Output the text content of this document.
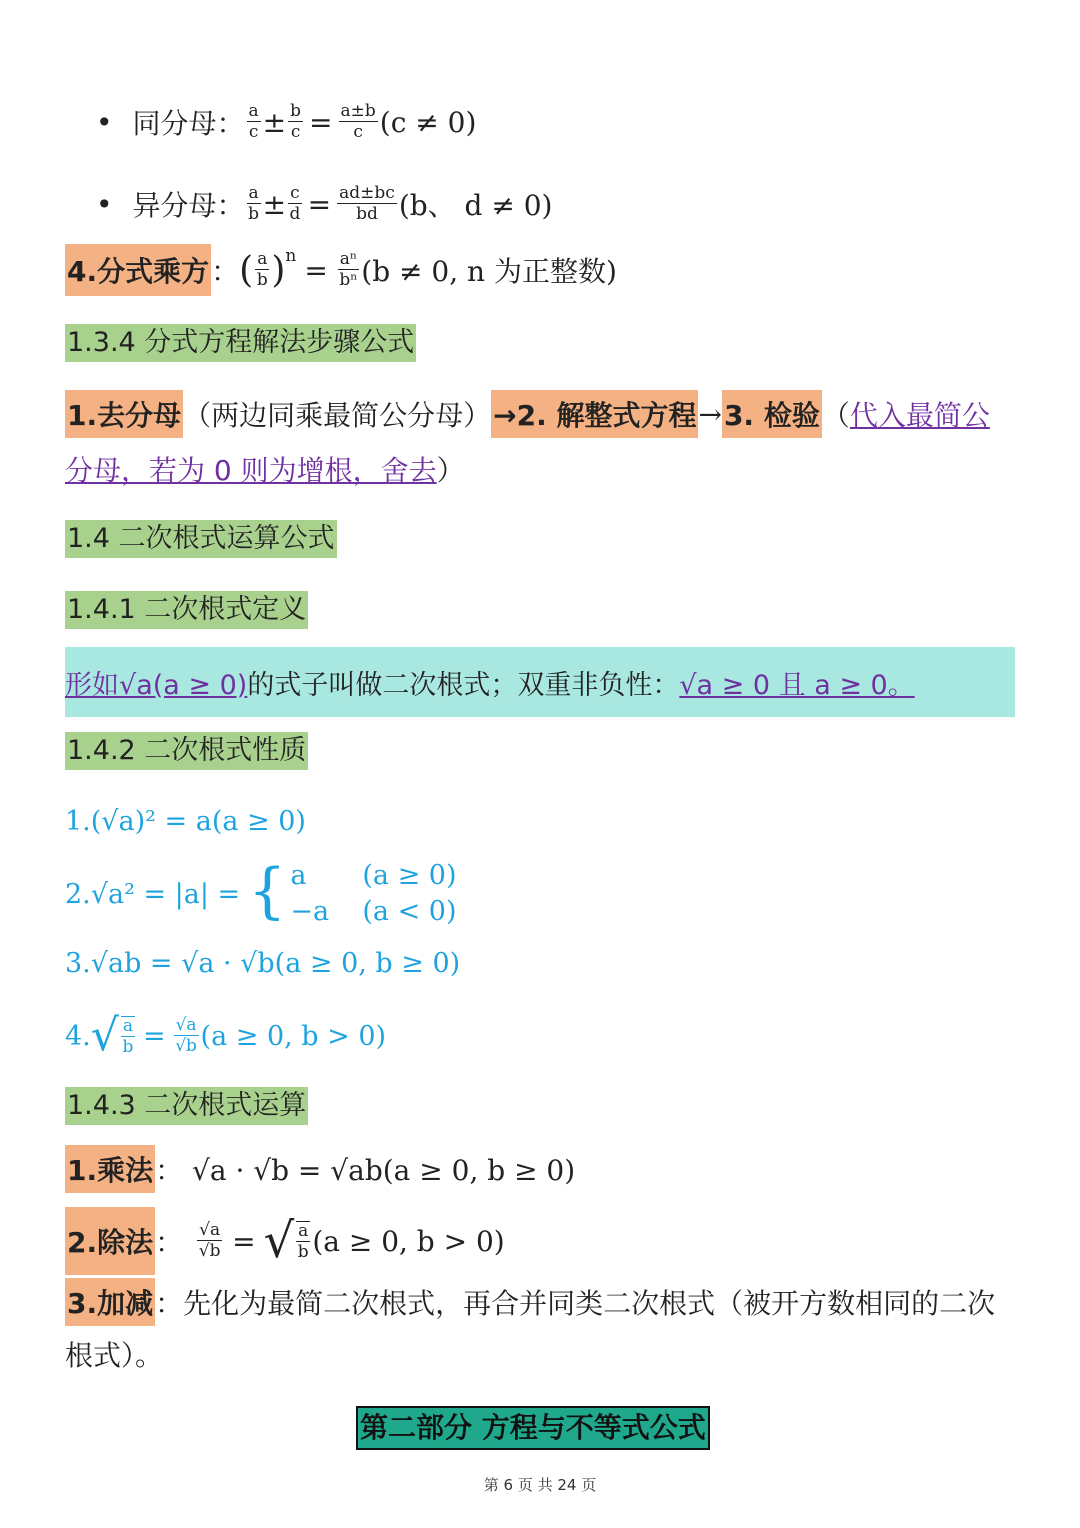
• 同分母： $\frac{a}{c} \pm \frac{b}{c} = \frac{a\pm b}{c} (c \ne 0)$
• 异分母： $\frac{a}{b} \pm \frac{c}{d} = \frac{ad\pm bc}{bd} (b$、 d ≠ 0)
4.分式乘方 ： ( $\frac{a}{b} )^n = \frac{\text{aⁿ}}{\text{bⁿ}} (b \ne 0$, n 为正整数)
1.3.4 分式方程解法步骤公式
1.去分母 （两边同乘最简公分母） →2. 解整式方程 → 3. 检验 （ 代入最简公
分母，若为 0 则为增根，舍去 ）
1.4 二次根式运算公式
1.4.1 二次根式定义
形如√a(a ≥ 0) 的式子叫做二次根式；双重非负性： √a ≥ 0 且 a ≥ 0。
1.4.2 二次根式性质
1.(√a)² = a(a ≥ 0)
2.√a² = |a| = { a	(a ≥ 0)
−a	(a < 0)
3.√ab = √a · √b(a ≥ 0, b ≥ 0)
4. √ $\frac{a}{b} = \frac{√a}{√b} (a \ge 0$, b > 0)
1.4.3 二次根式运算
1.乘法 ： √a · √b = √ab(a ≥ 0, b ≥ 0)
2.除法 ： $\frac{√a}{√b}$ = √ $\frac{a}{b} (a \ge 0$, b > 0)
3.加减 ：先化为最简二次根式，再合并同类二次根式（被开方数相同的二次
根式）。
第二部分 方程与不等式公式
第 6 页 共 24 页
